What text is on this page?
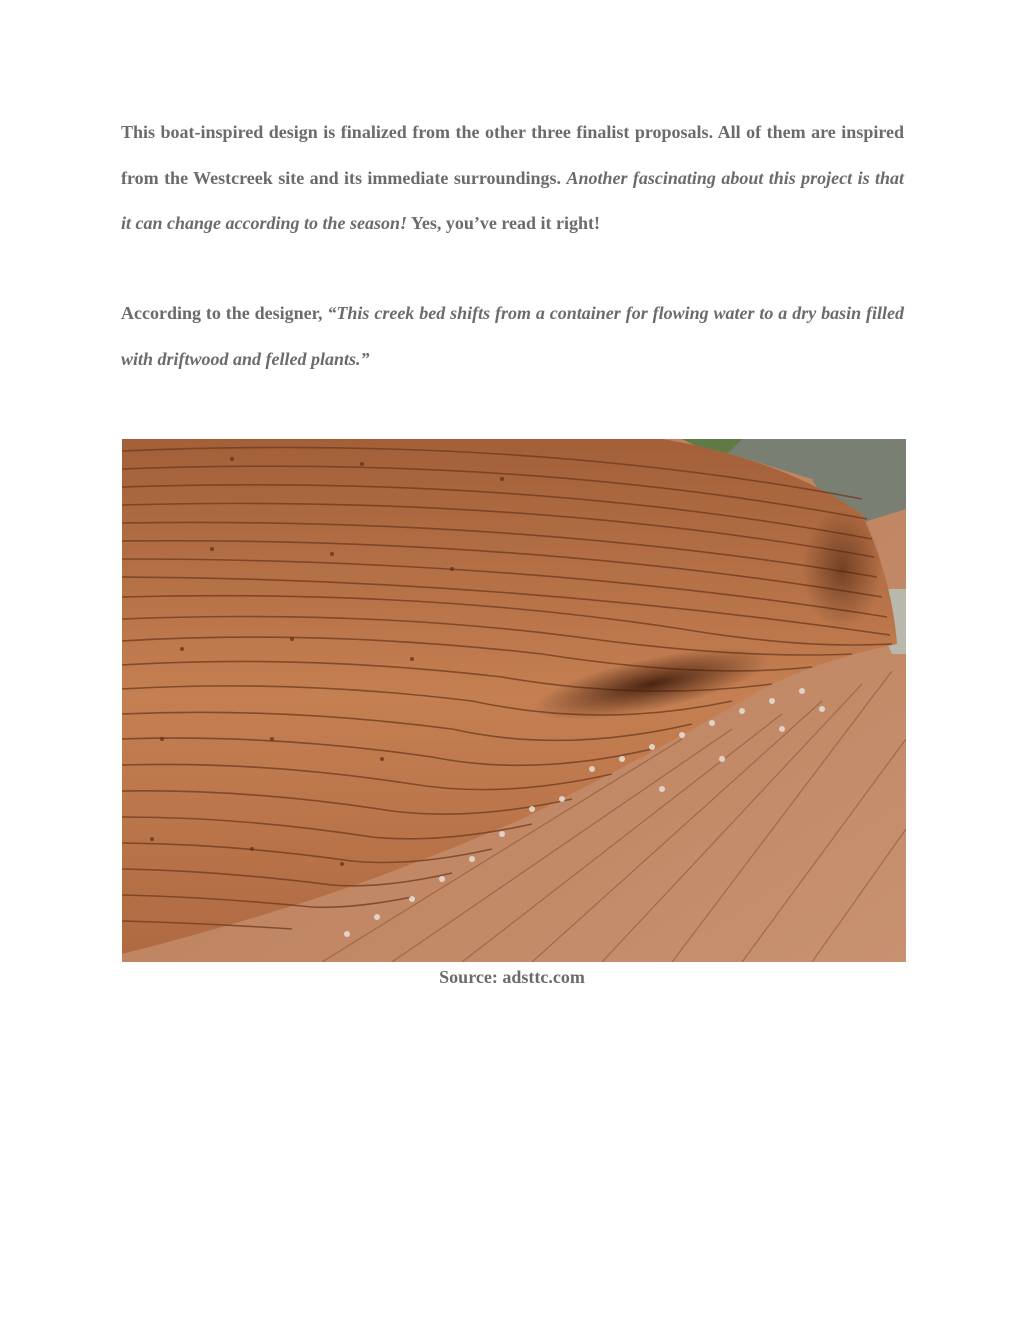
This boat-inspired design is finalized from the other three finalist proposals. All of them are inspired from the Westcreek site and its immediate surroundings. Another fascinating about this project is that it can change according to the season! Yes, you’ve read it right!

According to the designer, “This creek bed shifts from a container for flowing water to a dry basin filled with driftwood and felled plants.”

Source: adsttc.com
